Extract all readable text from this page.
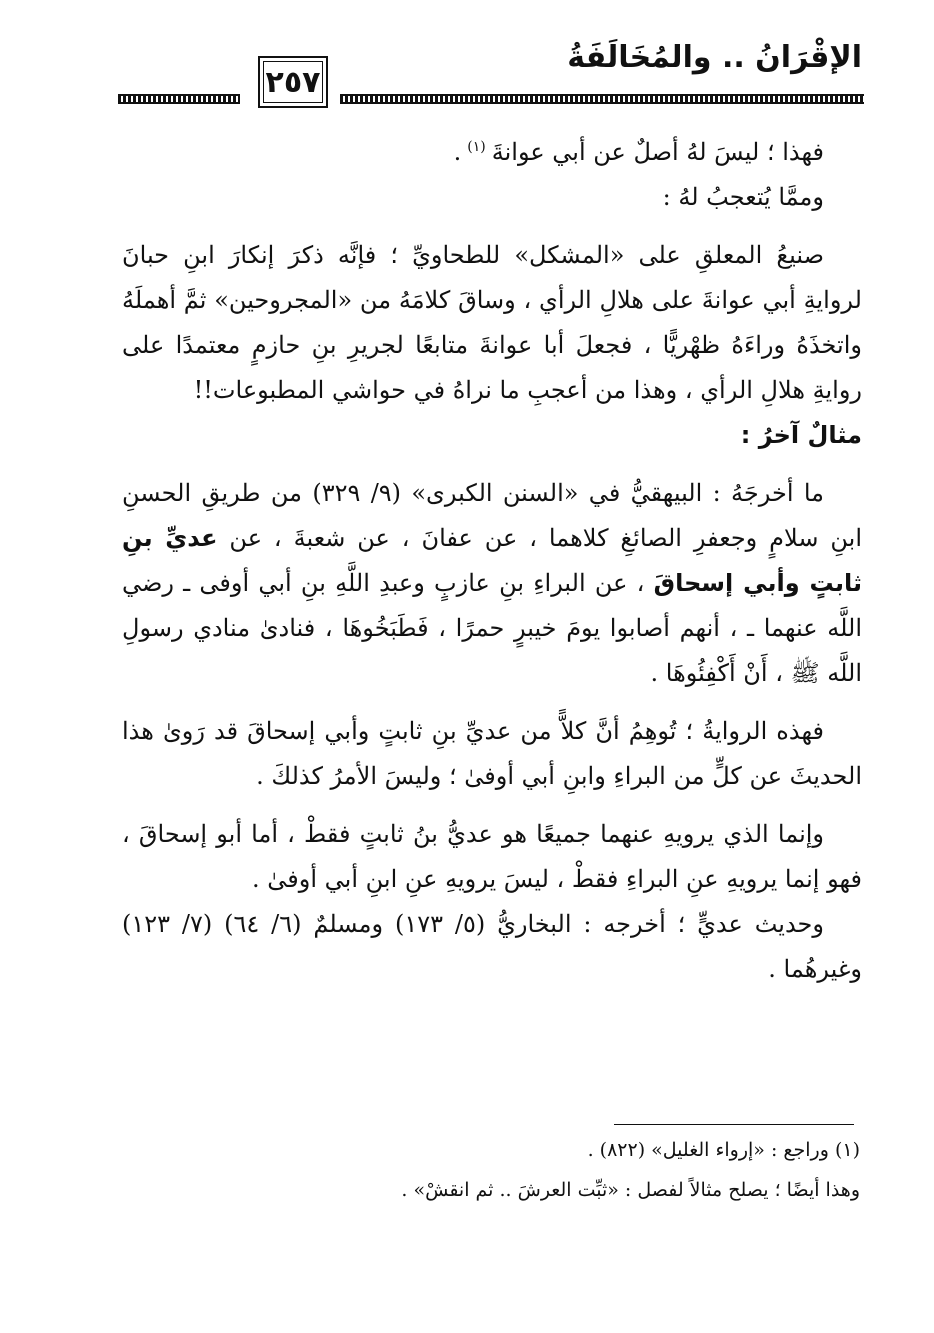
الإقْرَانُ .. والمُخَالَفَةُ
٢٥٧

فهذا ؛ ليسَ لهُ أصلٌ عن أبي عوانةَ$^{(١)}$.

وممَّا يُتعجبُ لهُ :

صنيعُ المعلقِ على «المشكل» للطحاويِّ ؛ فإنَّه ذكرَ إنكارَ ابنِ حبانَ لروايةِ أبي عوانةَ على هلالِ الرأي ، وساقَ كلامَهُ من «المجروحين» ثمَّ أهملَهُ واتخذَهُ وراءَهُ ظهْريًّا ، فجعلَ أبا عوانةَ متابعًا لجريرِ بنِ حازمٍ معتمدًا على روايةِ هلالِ الرأي ، وهذا من أعجبِ ما نراهُ في حواشي المطبوعات!!

مثالٌ آخرُ :

ما أخرجَهُ : البيهقيُّ في «السنن الكبرى» (٩/ ٣٢٩) من طريقِ الحسنِ ابنِ سلامٍ وجعفرِ الصائغِ كلاهما ، عن عفانَ ، عن شعبةَ ، عن عديِّ بنِ ثابتٍ وأبي إسحاقَ ، عن البراءِ بنِ عازبٍ وعبدِ اللَّهِ بنِ أبي أوفى ـ رضي اللَّه عنهما ـ ، أنهم أصابوا يومَ خيبرٍ حمرًا ، فَطَبَخُوهَا ، فنادىٰ منادي رسولِ اللَّه ﷺ ، أَنْ أَكْفِئُوهَا .

فهذه الروايةُ ؛ تُوهِمُ أنَّ كلاًّ من عديِّ بنِ ثابتٍ وأبي إسحاقَ قد رَوىٰ هذا الحديثَ عن كلٍّ من البراءِ وابنِ أبي أوفىٰ ؛ وليسَ الأمرُ كذلكَ .

وإنما الذي يرويهِ عنهما جميعًا هو عديُّ بنُ ثابتٍ فقطْ ، أما أبو إسحاقَ ، فهو إنما يرويهِ عنِ البراءِ فقطْ ، ليسَ يرويهِ عنِ ابنِ أبي أوفىٰ .

وحديث عديٍّ ؛ أخرجه : البخاريُّ (٥/ ١٧٣) ومسلمٌ (٦/ ٦٤) (٧/ ١٢٣) وغيرهُما .

(١) وراجع : «إرواء الغليل» (٨٢٢) .

وهذا أيضًا ؛ يصلح مثالاً لفصل : «ثبِّت العرشَ .. ثم انقشْ» .
